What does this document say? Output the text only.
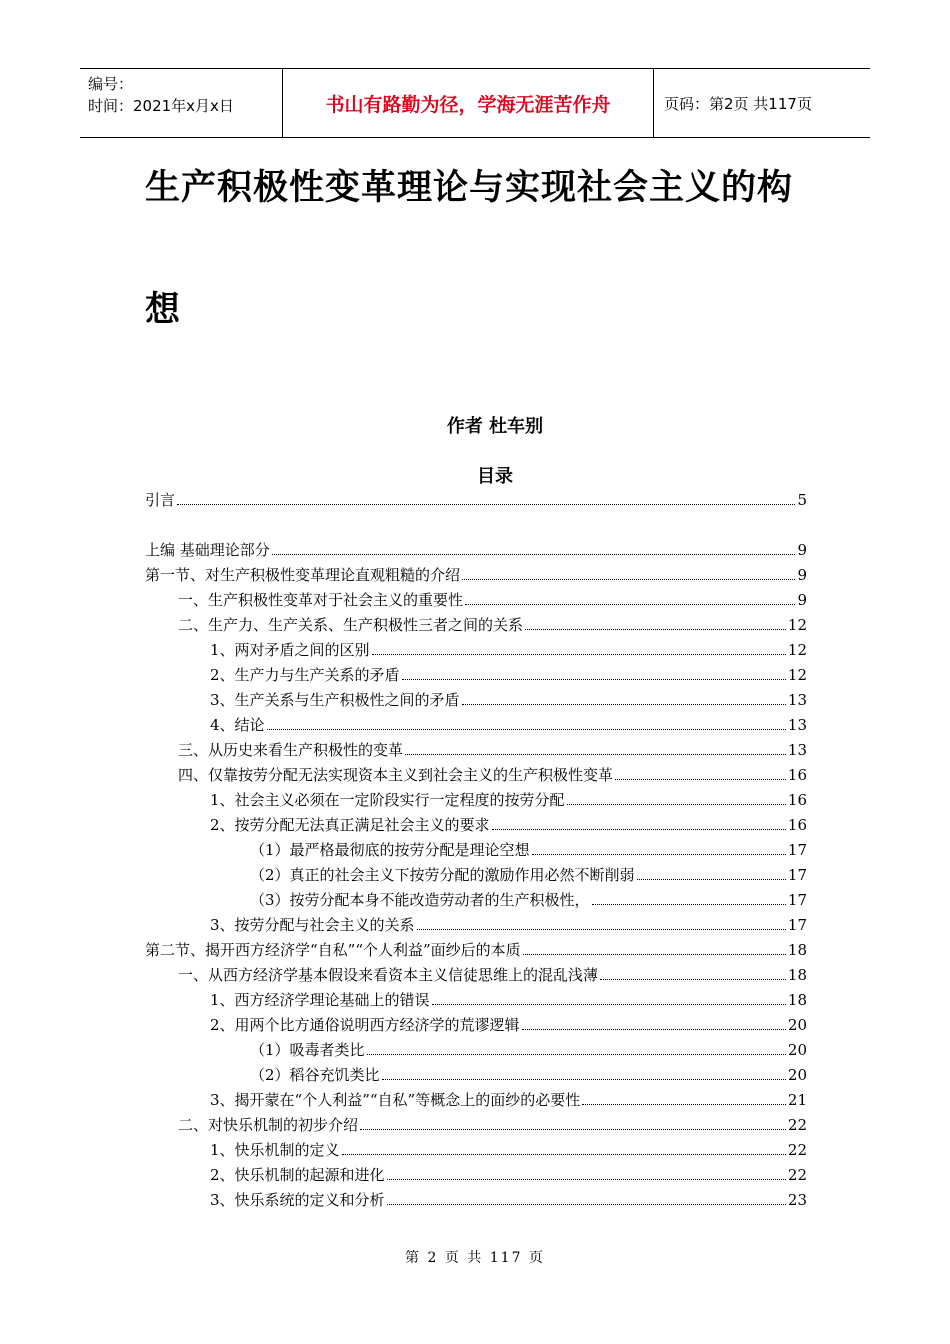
编号：
时间：2021年x月x日	书山有路勤为径，学海无涯苦作舟	页码：第2页 共117页
生产积极性变革理论与实现社会主义的构
想
作者 杜车别
目录
引言	5
上编 基础理论部分	9
第一节、对生产积极性变革理论直观粗糙的介绍	9
一、生产积极性变革对于社会主义的重要性	9
二、生产力、生产关系、生产积极性三者之间的关系	12
1、两对矛盾之间的区别	12
2、生产力与生产关系的矛盾	12
3、生产关系与生产积极性之间的矛盾	13
4、结论	13
三、从历史来看生产积极性的变革	13
四、仅靠按劳分配无法实现资本主义到社会主义的生产积极性变革	16
1、社会主义必须在一定阶段实行一定程度的按劳分配	16
2、按劳分配无法真正满足社会主义的要求	16
（1）最严格最彻底的按劳分配是理论空想	17
（2）真正的社会主义下按劳分配的激励作用必然不断削弱	17
（3）按劳分配本身不能改造劳动者的生产积极性，	17
3、按劳分配与社会主义的关系	17
第二节、揭开西方经济学“自私”“个人利益”面纱后的本质	18
一、从西方经济学基本假设来看资本主义信徒思维上的混乱浅薄	18
1、西方经济学理论基础上的错误	18
2、用两个比方通俗说明西方经济学的荒谬逻辑	20
（1）吸毒者类比	20
（2）稻谷充饥类比	20
3、揭开蒙在“个人利益”“自私”等概念上的面纱的必要性	21
二、对快乐机制的初步介绍	22
1、快乐机制的定义	22
2、快乐机制的起源和进化	22
3、快乐系统的定义和分析	23
第 2 页 共 117 页
